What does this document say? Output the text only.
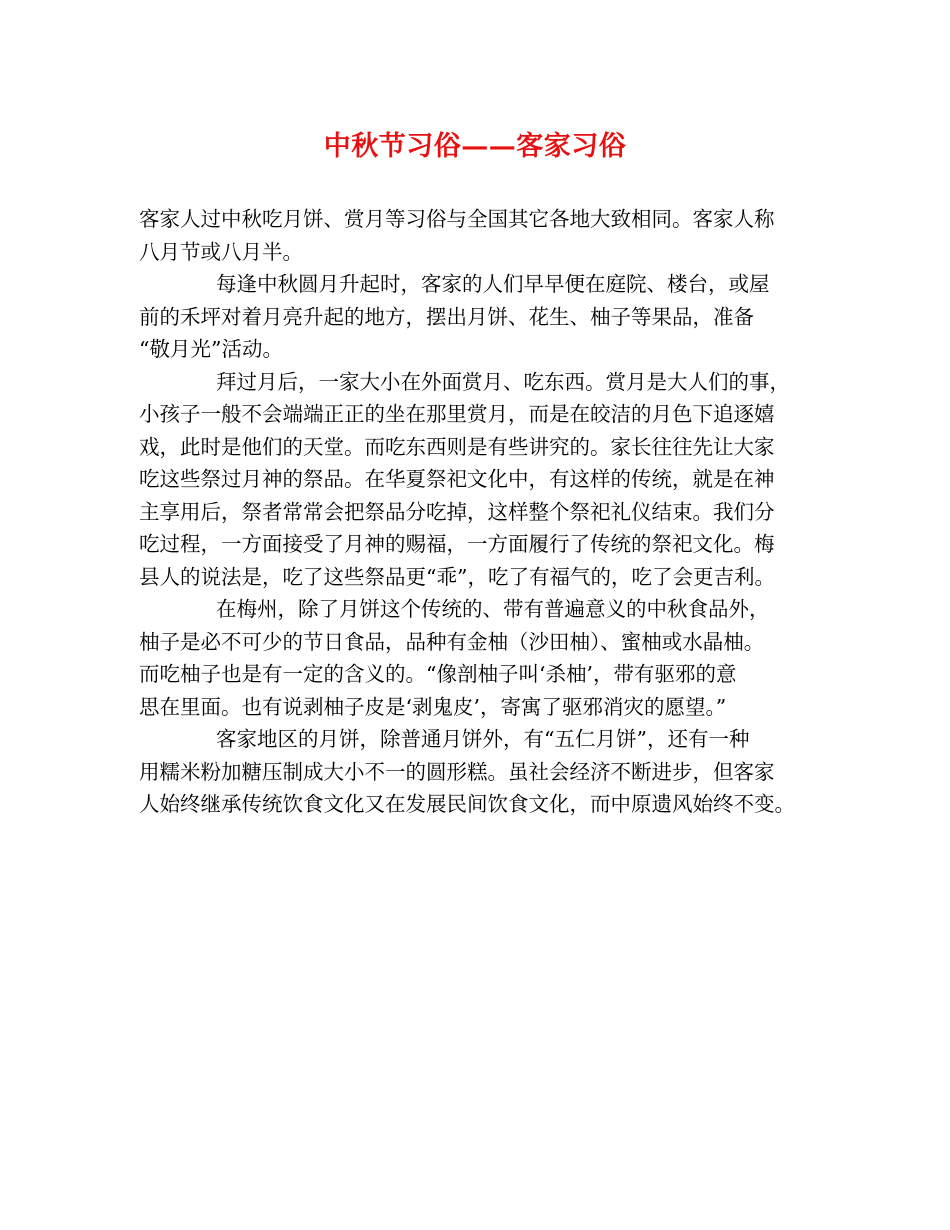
中秋节习俗——客家习俗
客家人过中秋吃月饼、赏月等习俗与全国其它各地大致相同。客家人称
八月节或八月半。
每逢中秋圆月升起时，客家的人们早早便在庭院、楼台，或屋
前的禾坪对着月亮升起的地方，摆出月饼、花生、柚子等果品，准备
“敬月光”活动。
拜过月后，一家大小在外面赏月、吃东西。赏月是大人们的事，
小孩子一般不会端端正正的坐在那里赏月，而是在皎洁的月色下追逐嬉
戏，此时是他们的天堂。而吃东西则是有些讲究的。家长往往先让大家
吃这些祭过月神的祭品。在华夏祭祀文化中，有这样的传统，就是在神
主享用后，祭者常常会把祭品分吃掉，这样整个祭祀礼仪结束。我们分
吃过程，一方面接受了月神的赐福，一方面履行了传统的祭祀文化。梅
县人的说法是，吃了这些祭品更“乖”，吃了有福气的，吃了会更吉利。
在梅州，除了月饼这个传统的、带有普遍意义的中秋食品外，
柚子是必不可少的节日食品，品种有金柚（沙田柚）、蜜柚或水晶柚。
而吃柚子也是有一定的含义的。“像剖柚子叫‘杀柚’，带有驱邪的意
思在里面。也有说剥柚子皮是‘剥鬼皮’，寄寓了驱邪消灾的愿望。”
客家地区的月饼，除普通月饼外，有“五仁月饼”，还有一种
用糯米粉加糖压制成大小不一的圆形糕。虽社会经济不断进步，但客家
人始终继承传统饮食文化又在发展民间饮食文化，而中原遗风始终不变。
